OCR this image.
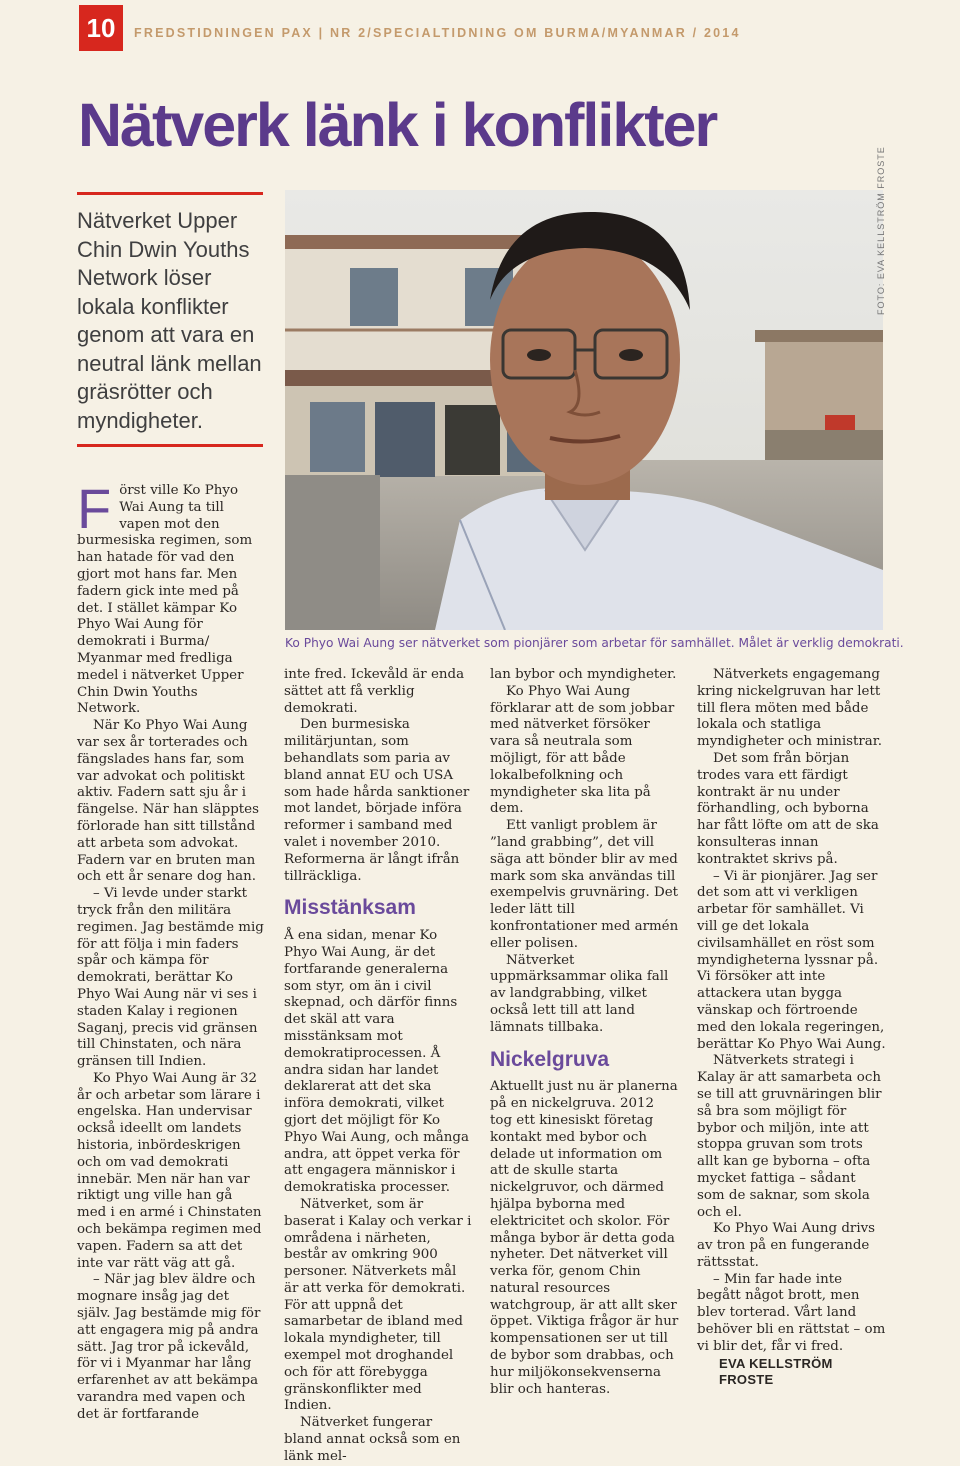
10	FREDSTIDNINGEN PAX | NR 2/SPECIALTIDNING OM BURMA/MYANMAR / 2014
Nätverk länk i konflikter
Nätverket Upper Chin Dwin Youths Network löser lokala konflikter genom att vara en neutral länk mellan gräsrötter och myndigheter.
FOTO: EVA KELLSTRÖM FROSTE
Ko Phyo Wai Aung ser nätverket som pionjärer som arbetar för samhället. Målet är verklig demokrati.

Först ville Ko Phyo Wai Aung ta till vapen mot den burmesiska regimen, som han hatade för vad den gjort mot hans far. Men fadern gick inte med på det. I stället kämpar Ko Phyo Wai Aung för demokrati i Burma/ Myanmar med fredliga medel i nätverket Upper Chin Dwin Youths Network.

När Ko Phyo Wai Aung var sex år torterades och fängslades hans far, som var advokat och politiskt aktiv. Fadern satt sju år i fängelse. När han släpptes förlorade han sitt tillstånd att arbeta som advokat. Fadern var en bruten man och ett år senare dog han.

– Vi levde under starkt tryck från den militära regimen. Jag bestämde mig för att följa i min faders spår och kämpa för demokrati, berättar Ko Phyo Wai Aung när vi ses i staden Kalay i regionen Saganj, precis vid gränsen till Chinstaten, och nära gränsen till Indien.

Ko Phyo Wai Aung är 32 år och arbetar som lärare i engelska. Han undervisar också ideellt om landets historia, inbördeskrigen och om vad demokrati innebär. Men när han var riktigt ung ville han gå med i en armé i Chinstaten och bekämpa regimen med vapen. Fadern sa att det inte var rätt väg att gå.

– När jag blev äldre och mognare insåg jag det själv. Jag bestämde mig för att engagera mig på andra sätt. Jag tror på ickevåld, för vi i Myanmar har lång erfarenhet av att bekämpa varandra med vapen och det är fortfarande

inte fred. Ickevåld är enda sättet att få verklig demokrati.

Den burmesiska militärjuntan, som behandlats som paria av bland annat EU och USA som hade hårda sanktioner mot landet, började införa reformer i samband med valet i november 2010. Reformerna är långt ifrån tillräckliga.

Misstänksam

Å ena sidan, menar Ko Phyo Wai Aung, är det fortfarande generalerna som styr, om än i civil skepnad, och därför finns det skäl att vara misstänksam mot demokratiprocessen. Å andra sidan har landet deklarerat att det ska införa demokrati, vilket gjort det möjligt för Ko Phyo Wai Aung, och många andra, att öppet verka för att engagera människor i demokratiska processer.

Nätverket, som är baserat i Kalay och verkar i områdena i närheten, består av omkring 900 personer. Nätverkets mål är att verka för demokrati. För att uppnå det samarbetar de ibland med lokala myndigheter, till exempel mot droghandel och för att förebygga gränskonflikter med Indien.

Nätverket fungerar bland annat också som en länk mel-

lan bybor och myndigheter.

Ko Phyo Wai Aung förklarar att de som jobbar med nätverket försöker vara så neutrala som möjligt, för att både lokalbefolkning och myndigheter ska lita på dem.

Ett vanligt problem är ”land grabbing”, det vill säga att bönder blir av med mark som ska användas till exempelvis gruvnäring. Det leder lätt till konfrontationer med armén eller polisen.

Nätverket uppmärksammar olika fall av landgrabbing, vilket också lett till att land lämnats tillbaka.

Nickelgruva

Aktuellt just nu är planerna på en nickelgruva. 2012 tog ett kinesiskt företag kontakt med bybor och delade ut information om att de skulle starta nickelgruvor, och därmed hjälpa byborna med elektricitet och skolor. För många bybor är detta goda nyheter. Det nätverket vill verka för, genom Chin natural resources watchgroup, är att allt sker öppet. Viktiga frågor är hur kompensationen ser ut till de bybor som drabbas, och hur miljökonsekvenserna blir och hanteras.

Nätverkets engagemang kring nickelgruvan har lett till flera möten med både lokala och statliga myndigheter och ministrar.

Det som från början trodes vara ett färdigt kontrakt är nu under förhandling, och byborna har fått löfte om att de ska konsulteras innan kontraktet skrivs på.

– Vi är pionjärer. Jag ser det som att vi verkligen arbetar för samhället. Vi vill ge det lokala civilsamhället en röst som myndigheterna lyssnar på. Vi försöker att inte attackera utan bygga vänskap och förtroende med den lokala regeringen, berättar Ko Phyo Wai Aung.

Nätverkets strategi i Kalay är att samarbeta och se till att gruvnäringen blir så bra som möjligt för bybor och miljön, inte att stoppa gruvan som trots allt kan ge byborna – ofta mycket fattiga – sådant som de saknar, som skola och el.

Ko Phyo Wai Aung drivs av tron på en fungerande rättsstat.

– Min far hade inte begått något brott, men blev torterad. Vårt land behöver bli en rättstat – om vi blir det, får vi fred.

EVA KELLSTRÖM FROSTE
